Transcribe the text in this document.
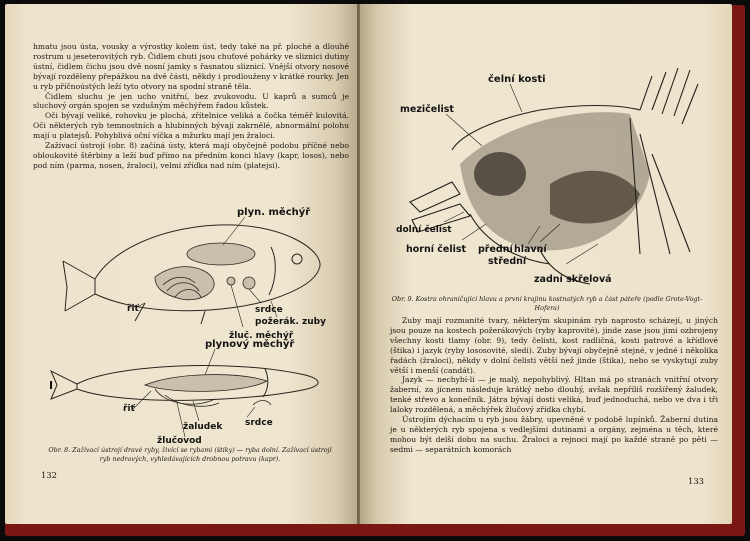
hmatu jsou ústa, vousky a výrostky kolem úst, tedy také na př. ploché a dlouhé rostrum u jeseterovitých ryb. Čidlem chuti jsou chuťové pohárky ve sliznici dutiny ústní, čidlem čichu jsou dvě nosní jamky s řasnatou sliznicí. Vnější otvory nosové bývají rozděleny přepážkou na dvě části, někdy i prodlouženy v krátké rourky. Jen u ryb příčnoústých leží tyto otvory na spodní straně těla.

Čidlem sluchu je jen ucho vnitřní, bez zvukovodu. U kaprů a sumců je sluchový orgán spojen se vzdušným měchýřem řadou kůstek.

Oči bývají veliké, rohovku je plochá, zřítelnice veliká a čočka téměř kulovitá. Oči některých ryb temnostních a hlubinných bývají zakrnělé, abnormální polohu mají u platejsů. Pohyblivá oční víčka a mžurku mají jen žraloci.

Zažívací ústrojí (obr. 8) začíná ústy, která mají obyčejně podobu příčné nebo obloukovité štěrbiny a leží buď přímo na předním konci hlavy (kapr, losos), nebo pod ním (parma, nosen, žraloci), velmi zřídka nad ním (platejsi).

plyn. měchýř
řiť	srdce
požerák. zuby
žluč. měchýř
plynový měchýř
I
řiť
žaludek	srdce
žlučovod
Obr. 8. Zažívací ústrojí dravé ryby, živící se rybami (štiky) — ryba dolní. Zažívací ústrojí ryb nedravých, vyhledávajících drobnou potravu (kapr).
132
čelní kosti
mezičelist
dolní čelist
horní čelist přední hlavní
střední
zadní skřelová
Obr. 9. Kostra ohraničující hlavu a první krajinu kostnatých ryb a část páteře (podle Grote-Vogt-Hofera)

Zuby mají rozmanité tvary, některým skupinám ryb naprosto scházejí, u jiných jsou pouze na kostech požerákových (ryby kaprovité), jinde zase jsou jimi ozbrojeny všechny kosti tlamy (obr. 9), tedy čelisti, kost radličná, kosti patrové a křídlové (štika) i jazyk (ryby lososovité, sledi). Zuby bývají obyčejně stejné, v jedné i několika řadách (žraloci), někdy v dolní čelisti větší než jinde (štika), nebo se vyskytují zuby větší i menší (candát).

Jazyk — nechybí-li — je malý, nepohyblivý. Hltan má po stranách vnitřní otvory žaberní, za jícnem následuje krátký nebo dlouhý, avšak nepříliš rozšířený žaludek, tenké střevo a konečník. Játra bývají dosti veliká, buď jednoduchá, nebo ve dva i tři laloky rozdělená, a měchýřek žlučový zřídka chybí.

Ústrojím dýchacím u ryb jsou žábry, upevněné v podobě lupínků. Žaberní dutina je u některých ryb spojena s vedlejšími dutinami a orgány, zejména u těch, které mohou být delší dobu na suchu. Žraloci a rejnoci mají po každé straně po pěti — sedmi — separátních komorách

133
